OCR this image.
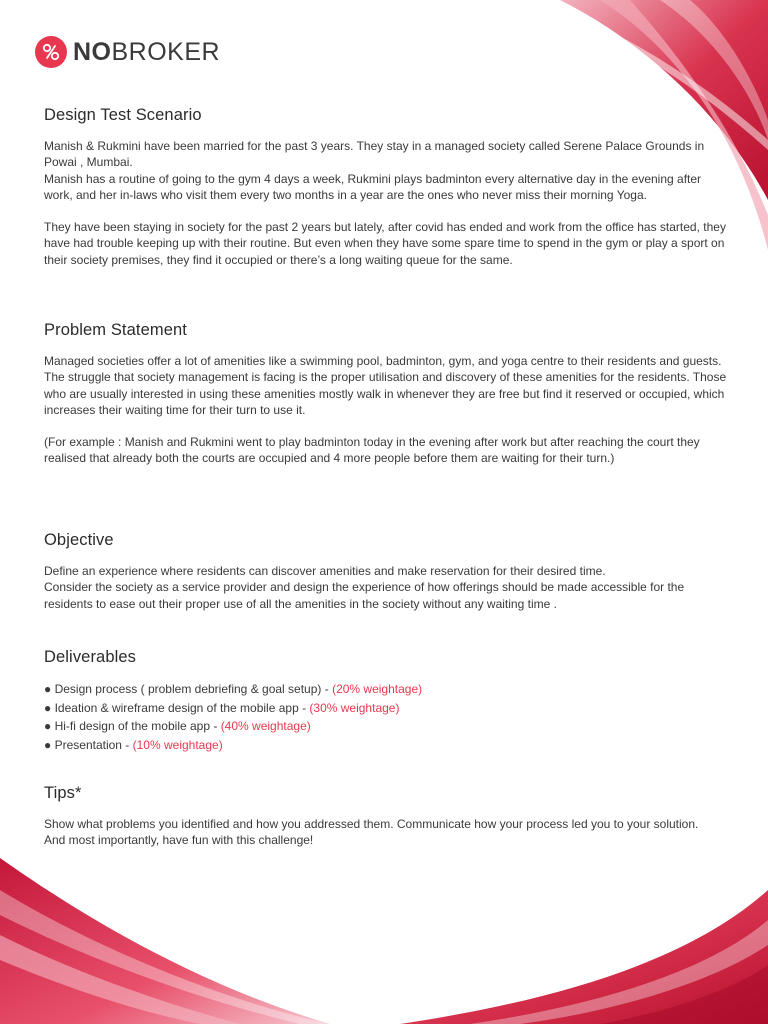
NOBROKER
Design Test Scenario

Manish & Rukmini have been married for the past 3 years. They stay in a managed society called Serene Palace Grounds in Powai , Mumbai.

Manish has a routine of going to the gym 4 days a week, Rukmini plays badminton every alternative day in the evening after work, and her in-laws who visit them every two months in a year are the ones who never miss their morning Yoga.

They have been staying in society for the past 2 years but lately, after covid has ended and work from the office has started, they have had trouble keeping up with their routine. But even when they have some spare time to spend in the gym or play a sport on their society premises, they find it occupied or there’s a long waiting queue for the same.

Problem Statement

Managed societies offer a lot of amenities like a swimming pool, badminton, gym, and yoga centre to their residents and guests.

The struggle that society management is facing is the proper utilisation and discovery of these amenities for the residents. Those who are usually interested in using these amenities mostly walk in whenever they are free but find it reserved or occupied, which increases their waiting time for their turn to use it.

(For example : Manish and Rukmini went to play badminton today in the evening after work but after reaching the court they realised that already both the courts are occupied and 4 more people before them are waiting for their turn.)

Objective

Define an experience where residents can discover amenities and make reservation for their desired time.

Consider the society as a service provider and design the experience of how offerings should be made accessible for the residents to ease out their proper use of all the amenities in the society without any waiting time .

Deliverables
● Design process ( problem debriefing & goal setup) - (20% weightage)
● Ideation & wireframe design of the mobile app - (30% weightage)
● Hi-fi design of the mobile app - (40% weightage)
● Presentation - (10% weightage)
Tips*

Show what problems you identified and how you addressed them. Communicate how your process led you to your solution.

And most importantly, have fun with this challenge!
